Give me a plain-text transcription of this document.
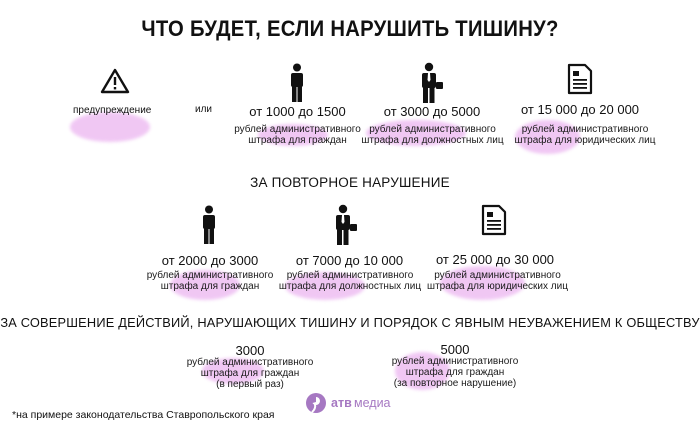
ЧТО БУДЕТ, ЕСЛИ НАРУШИТЬ ТИШИНУ?
предупреждение	или	от 1000 до 1500
рублей административного
штрафа для граждан
от 3000 до 5000
рублей административного
штрафа для должностных лиц
от 15 000 до 20 000
рублей административного
штрафа для юридических лиц
ЗА ПОВТОРНОЕ НАРУШЕНИЕ
от 2000 до 3000
рублей административного
штрафа для граждан
от 7000 до 10 000
рублей административного
штрафа для должностных лиц
от 25 000 до 30 000
рублей административного
штрафа для юридических лиц
ЗА СОВЕРШЕНИЕ ДЕЙСТВИЙ, НАРУШАЮЩИХ ТИШИНУ И ПОРЯДОК С ЯВНЫМ НЕУВАЖЕНИЕМ К ОБЩЕСТВУ
3000
рублей административного
штрафа для граждан
(в первый раз)
5000
рублей административного
штрафа для граждан
(за повторное нарушение)
*на примере законодательства Ставропольского края
атв медиа
